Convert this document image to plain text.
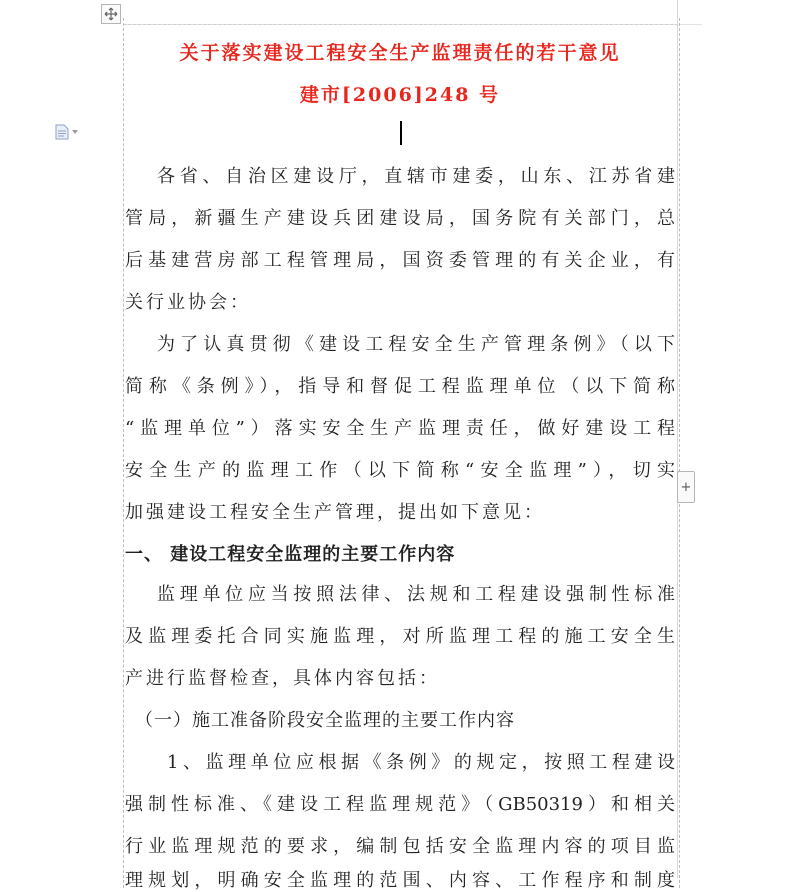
+
关于落实建设工程安全生产监理责任的若干意见
建市[2006]248 号
各省、自治区建设厅，直辖市建委，山东、江苏省建
管局，新疆生产建设兵团建设局，国务院有关部门，总
后基建营房部工程管理局，国资委管理的有关企业，有
关行业协会：
为了认真贯彻《建设工程安全生产管理条例》（以下
简称《条例》），指导和督促工程监理单位（以下简称
“监理单位”）落实安全生产监理责任，做好建设工程
安全生产的监理工作（以下简称“安全监理”），切实
加强建设工程安全生产管理，提出如下意见：
一、 建设工程安全监理的主要工作内容
监理单位应当按照法律、法规和工程建设强制性标准
及监理委托合同实施监理，对所监理工程的施工安全生
产进行监督检查，具体内容包括：
（一）施工准备阶段安全监理的主要工作内容
1、监理单位应根据《条例》的规定，按照工程建设
强制性标准、《建设工程监理规范》（GB50319）和相关
行业监理规范的要求，编制包括安全监理内容的项目监
理规划，明确安全监理的范围、内容、工作程序和制度
